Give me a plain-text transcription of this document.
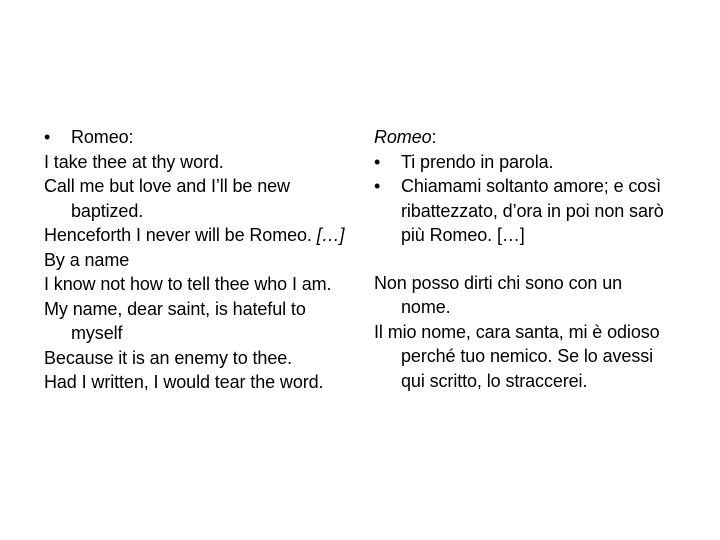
•	Romeo:

I take thee at thy word.

Call me but love and I’ll be new baptized.

Henceforth I never will be Romeo. […]

By a name

I know not how to tell thee who I am.

My name, dear saint, is hateful to myself

Because it is an enemy to thee.

Had I written, I would tear the word.

Romeo:

•	Ti prendo in parola.

•	Chiamami soltanto amore; e così ribattezzato, d’ora in poi non sarò più Romeo. […]

Non posso dirti chi sono con un nome.

Il mio nome, cara santa, mi è odioso perché tuo nemico. Se lo avessi qui scritto, lo straccerei.
